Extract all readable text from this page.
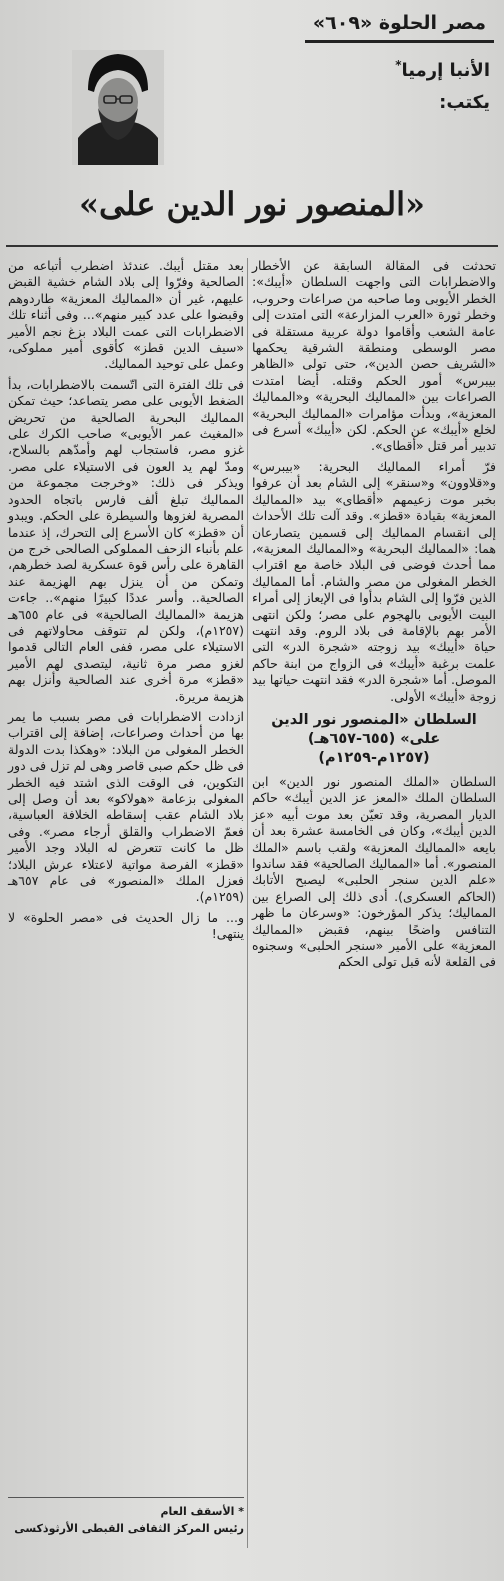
مصر الحلوة «٦٠٩»
الأنبا إرميا*
يكتب:
«المنصور نور الدين على»

تحدثت فى المقالة السابقة عن الأخطار والاضطرابات التى واجهت السلطان «أيبك»: الخطر الأيوبى وما صاحبه من صراعات وحروب، وخطر ثورة «العرب المزارعة» التى امتدت إلى عامة الشعب وأقاموا دولة عربية مستقلة فى مصر الوسطى ومنطقة الشرقية يحكمها «الشريف حصن الدين»، حتى تولى «الظاهر بيبرس» أمور الحكم وقتله. أيضا امتدت الصراعات بين «المماليك البحرية» و«المماليك المعزية»، وبدأت مؤامرات «المماليك البحرية» لخلع «أيبك» عن الحكم. لكن «أيبك» أسرع فى تدبير أمر قتل «أقطاى».

فرّ أمراء المماليك البحرية: «بيبرس» و«قلاوون» و«سنقر» إلى الشام بعد أن عرفوا بخبر موت زعيمهم «أقطاى» بيد «المماليك المعزية» بقيادة «قطز». وقد آلت تلك الأحداث إلى انقسام المماليك إلى قسمين يتصارعان هما: «المماليك البحرية» و«المماليك المعزية»، مما أحدث فوضى فى البلاد خاصة مع اقتراب الخطر المغولى من مصر والشام. أما المماليك الذين فرّوا إلى الشام بدأوا فى الإيعاز إلى أمراء البيت الأيوبى بالهجوم على مصر؛ ولكن انتهى الأمر بهم بالإقامة فى بلاد الروم. وقد انتهت حياة «أيبك» بيد زوجته «شجرة الدر» التى علمت برغبة «أيبك» فى الزواج من ابنة حاكم الموصل. أما «شجرة الدر» فقد انتهت حياتها بيد زوجة «أيبك» الأولى.

السلطان «المنصور نور الدين على» (٦٥٥-٦٥٧هـ) (١٢٥٧م-١٢٥٩م)

السلطان «الملك المنصور نور الدين» ابن السلطان الملك «المعز عز الدين أيبك» حاكم الديار المصرية، وقد تعيّن بعد موت أبيه «عز الدين أيبك»، وكان فى الخامسة عشرة بعد أن بايعه «المماليك المعزية» ولقب باسم «الملك المنصور». أما «المماليك الصالحية» فقد ساندوا «علم الدين سنجر الحلبى» ليصبح الأتابك (الحاكم العسكرى). أدى ذلك إلى الصراع بين المماليك؛ يذكر المؤرخون: «وسرعان ما ظهر التنافس واضحًا بينهم، فقبض «المماليك المعزية» على الأمير «سنجر الحلبى» وسجنوه فى القلعة لأنه قبل تولى الحكم

بعد مقتل أيبك. عندئذ اضطرب أتباعه من الصالحية وفرّوا إلى بلاد الشام خشية القبض عليهم، غير أن «المماليك المعزية» طاردوهم وقبضوا على عدد كبير منهم»... وفى أثناء تلك الاضطرابات التى عمت البلاد بزغ نجم الأمير «سيف الدين قطز» كأقوى أمير مملوكى، وعمل على توحيد المماليك.

فى تلك الفترة التى اتّسمت بالاضطرابات، بدأ الضغط الأيوبى على مصر يتصاعد؛ حيث تمكن المماليك البحرية الصالحية من تحريض «المغيث عمر الأيوبى» صاحب الكرك على غزو مصر، فاستجاب لهم وأمدّهم بالسلاح، ومدّ لهم يد العون فى الاستيلاء على مصر. ويذكر فى ذلك: «وخرجت مجموعة من المماليك تبلغ ألف فارس باتجاه الحدود المصرية لغزوها والسيطرة على الحكم. ويبدو أن «قطز» كان الأسرع إلى التحرك، إذ عندما علم بأنباء الزحف المملوكى الصالحى خرج من القاهرة على رأس قوة عسكرية لصد خطرهم، وتمكن من أن ينزل بهم الهزيمة عند الصالحية.. وأسر عددًا كبيرًا منهم».. جاءت هزيمة «المماليك الصالحية» فى عام ٦٥٥هـ (١٢٥٧م)، ولكن لم تتوقف محاولاتهم فى الاستيلاء على مصر، ففى العام التالى قدموا لغزو مصر مرة ثانية، ليتصدى لهم الأمير «قطز» مرة أخرى عند الصالحية وأنزل بهم هزيمة مريرة.

ازدادت الاضطرابات فى مصر بسبب ما يمر بها من أحداث وصراعات، إضافة إلى اقتراب الخطر المغولى من البلاد: «وهكذا بدت الدولة فى ظل حكم صبى قاصر وهى لم تزل فى دور التكوين، فى الوقت الذى اشتد فيه الخطر المغولى بزعامة «هولاكو» بعد أن وصل إلى بلاد الشام عقب إسقاطه الخلافة العباسية، فعمّ الاضطراب والقلق أرجاء مصر». وفى ظل ما كانت تتعرض له البلاد وجد الأمير «قطز» الفرصة مواتية لاعتلاء عرش البلاد؛ فعزل الملك «المنصور» فى عام ٦٥٧هـ (١٢٥٩م).

و... ما زال الحديث فى «مصر الحلوة» لا ينتهى!

* الأسقف العام
رئيس المركز الثقافى القبطى الأرثوذكسى
